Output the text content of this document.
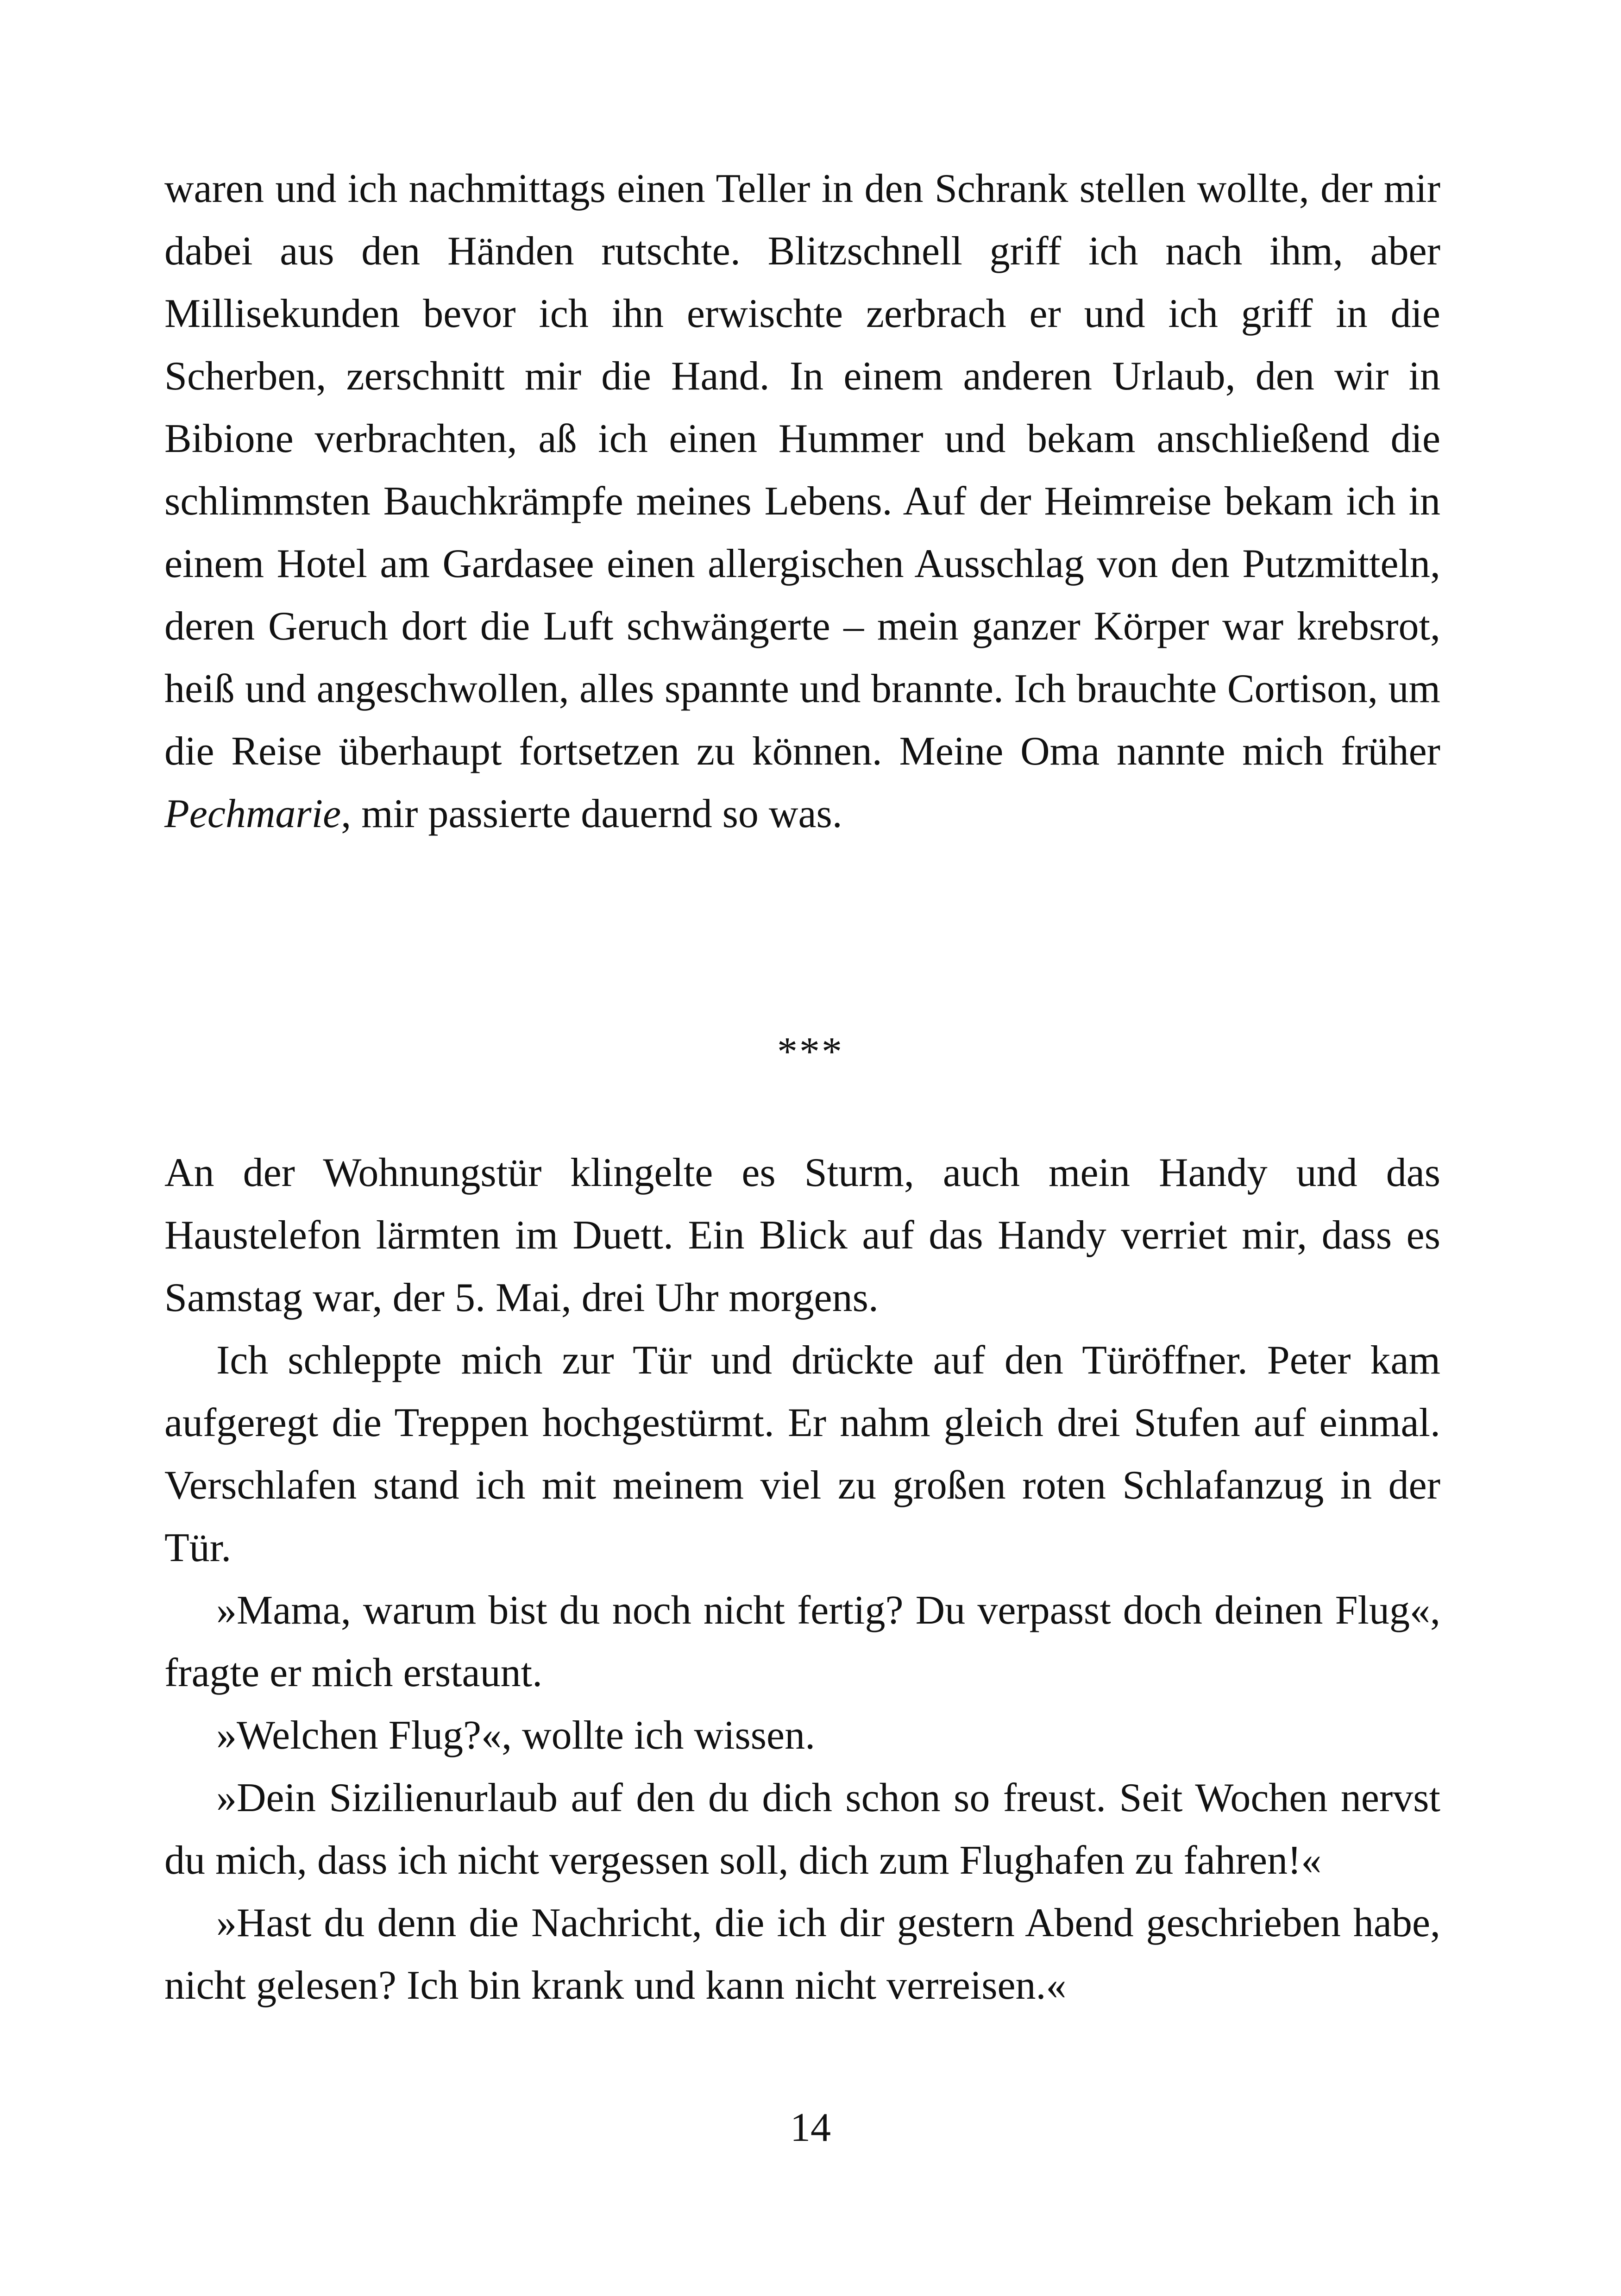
waren und ich nachmittags einen Teller in den Schrank stellen wollte, der mir dabei aus den Händen rutschte. Blitzschnell griff ich nach ihm, aber Millisekunden bevor ich ihn erwischte zerbrach er und ich griff in die Scherben, zerschnitt mir die Hand. In einem anderen Urlaub, den wir in Bibione verbrachten, aß ich einen Hummer und bekam anschließend die schlimmsten Bauchkrämpfe meines Lebens. Auf der Heimreise bekam ich in einem Hotel am Gardasee einen allergischen Ausschlag von den Putzmitteln, deren Geruch dort die Luft schwängerte – mein ganzer Körper war krebsrot, heiß und angeschwollen, alles spannte und brannte. Ich brauchte Cortison, um die Reise überhaupt fortsetzen zu können. Meine Oma nannte mich früher Pechmarie, mir passierte dauernd so was.

***

An der Wohnungstür klingelte es Sturm, auch mein Handy und das Haustelefon lärmten im Duett. Ein Blick auf das Handy verriet mir, dass es Samstag war, der 5. Mai, drei Uhr morgens.

Ich schleppte mich zur Tür und drückte auf den Türöffner. Peter kam aufgeregt die Treppen hochgestürmt. Er nahm gleich drei Stufen auf einmal. Verschlafen stand ich mit meinem viel zu großen roten Schlafanzug in der Tür.

»Mama, warum bist du noch nicht fertig? Du verpasst doch deinen Flug«, fragte er mich erstaunt.

»Welchen Flug?«, wollte ich wissen.

»Dein Sizilienurlaub auf den du dich schon so freust. Seit Wochen nervst du mich, dass ich nicht vergessen soll, dich zum Flughafen zu fahren!«

»Hast du denn die Nachricht, die ich dir gestern Abend geschrieben habe, nicht gelesen? Ich bin krank und kann nicht verreisen.«

14
